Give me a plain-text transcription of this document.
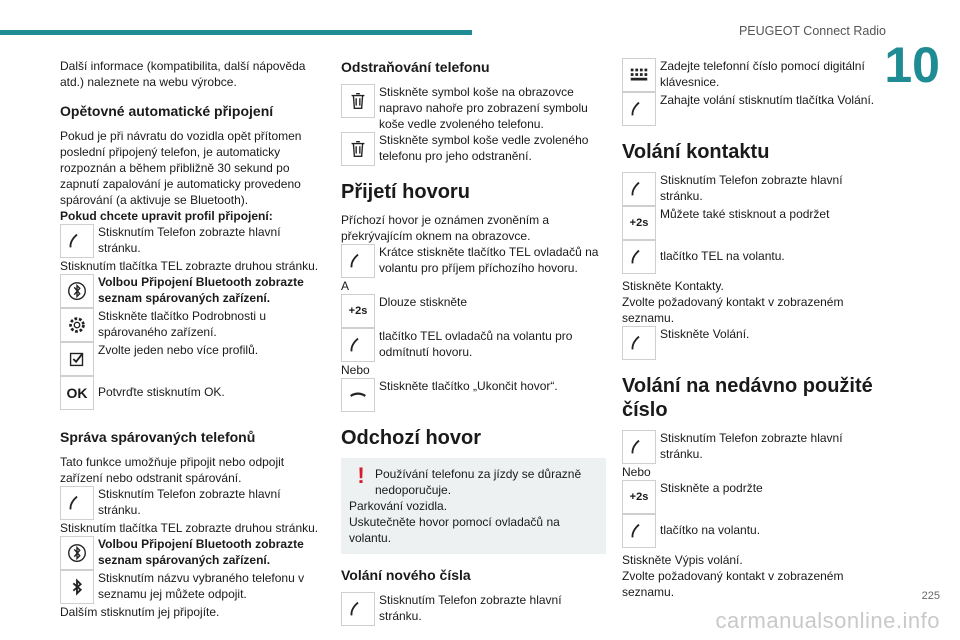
PEUGEOT Connect Radio
10
Další informace (kompatibilita, další nápověda atd.) naleznete na webu výrobce.
Opětovné automatické připojení
Pokud je při návratu do vozidla opět přítomen poslední připojený telefon, je automaticky rozpoznán a během přibližně 30 sekund po zapnutí zapalování je automaticky provedeno spárování (a aktivuje se Bluetooth).
Pokud chcete upravit profil připojení:
Stisknutím Telefon zobrazte hlavní stránku.
Stisknutím tlačítka TEL zobrazte druhou stránku.
Volbou Připojení Bluetooth zobrazte seznam spárovaných zařízení.
Stiskněte tlačítko Podrobnosti u spárovaného zařízení.
Zvolte jeden nebo více profilů.
OK Potvrďte stisknutím OK.
Správa spárovaných telefonů
Tato funkce umožňuje připojit nebo odpojit zařízení nebo odstranit spárování.
Stisknutím Telefon zobrazte hlavní stránku.
Stisknutím tlačítka TEL zobrazte druhou stránku.
Volbou Připojení Bluetooth zobrazte seznam spárovaných zařízení.
Stisknutím názvu vybraného telefonu v seznamu jej můžete odpojit.
Dalším stisknutím jej připojíte.
Odstraňování telefonu
Stiskněte symbol koše na obrazovce napravo nahoře pro zobrazení symbolu koše vedle zvoleného telefonu.
Stiskněte symbol koše vedle zvoleného telefonu pro jeho odstranění.
Přijetí hovoru
Příchozí hovor je oznámen zvoněním a překrývajícím oknem na obrazovce.
Krátce stiskněte tlačítko TEL ovladačů na volantu pro příjem příchozího hovoru.
A
+2s
Dlouze stiskněte
tlačítko TEL ovladačů na volantu pro odmítnutí hovoru.
Nebo
Stiskněte tlačítko „Ukončit hovor“.
Odchozí hovor
! Používání telefonu za jízdy se důrazně nedoporučuje.
Parkování vozidla.
Uskutečněte hovor pomocí ovladačů na volantu.
Volání nového čísla
Stisknutím Telefon zobrazte hlavní stránku.
Zadejte telefonní číslo pomocí digitální klávesnice.
Zahajte volání stisknutím tlačítka Volání.
Volání kontaktu
Stisknutím Telefon zobrazte hlavní stránku.
+2s
Můžete také stisknout a podržet
tlačítko TEL na volantu.
Stiskněte Kontakty.
Zvolte požadovaný kontakt v zobrazeném seznamu.
Stiskněte Volání.
Volání na nedávno použité číslo
Stisknutím Telefon zobrazte hlavní stránku.
Nebo
+2s
Stiskněte a podržte
tlačítko na volantu.
Stiskněte Výpis volání.
Zvolte požadovaný kontakt v zobrazeném seznamu.
carmanualsonline.info
225
